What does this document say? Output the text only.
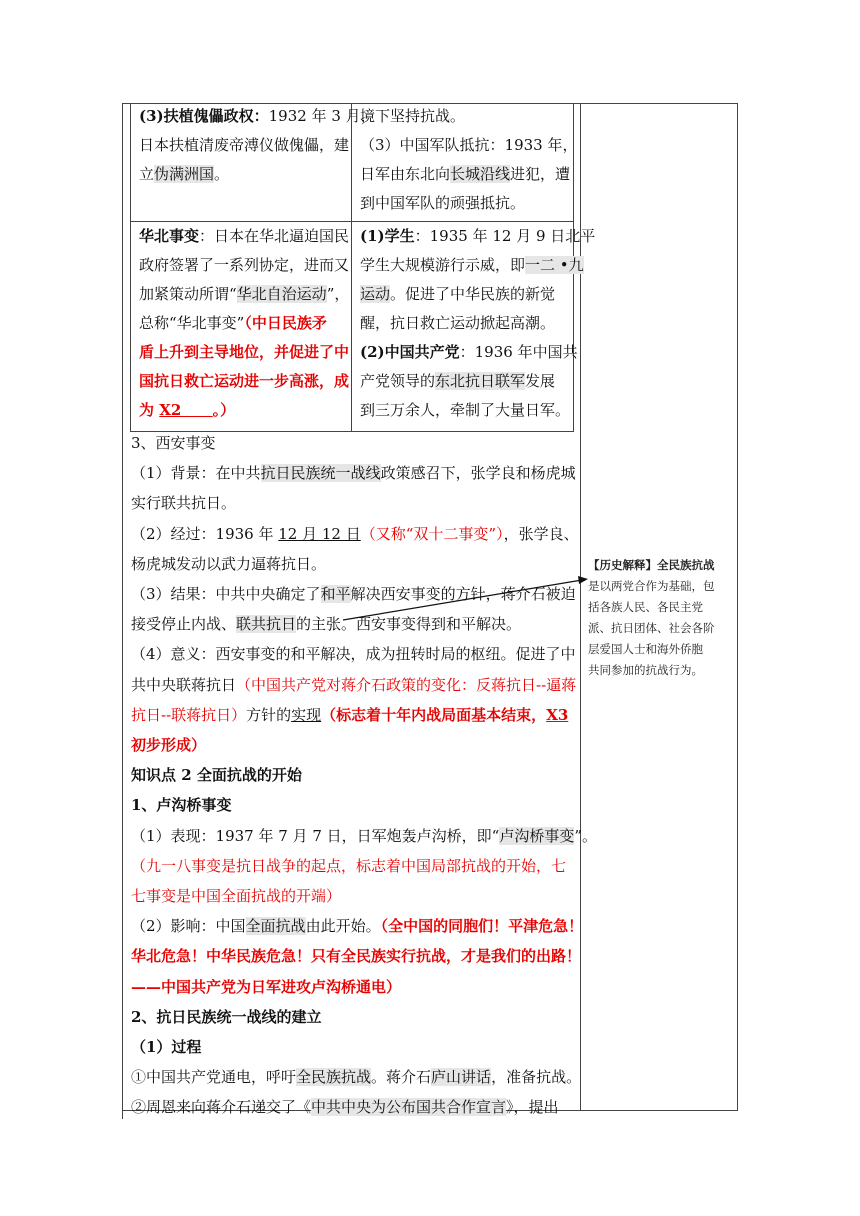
(3)扶植傀儡政权：1932 年 3 月，
日本扶植清废帝溥仪做傀儡，建
立伪满洲国。
境下坚持抗战。
（3）中国军队抵抗：1933 年，
日军由东北向长城沿线进犯，遭
到中国军队的顽强抵抗。
华北事变：日本在华北逼迫国民
政府签署了一系列协定，进而又
加紧策动所谓“华北自治运动”，
总称“华北事变”（中日民族矛
盾上升到主导地位，并促进了中
国抗日救亡运动进一步高涨，成
为 X2      。）
(1)学生：1935 年 12 月 9 日北平
学生大规模游行示威，即一二 •九
运动。促进了中华民族的新觉
醒，抗日救亡运动掀起高潮。
(2)中国共产党：1936 年中国共
产党领导的东北抗日联军发展
到三万余人，牵制了大量日军。
3、西安事变
（1）背景：在中共抗日民族统一战线政策感召下，张学良和杨虎城
实行联共抗日。
（2）经过：1936 年 12 月 12 日（又称“双十二事变”），张学良、
杨虎城发动以武力逼蒋抗日。
（3）结果：中共中央确定了和平解决西安事变的方针，蒋介石被迫
接受停止内战、联共抗日的主张。西安事变得到和平解决。
（4）意义：西安事变的和平解决，成为扭转时局的枢纽。促进了中
共中央联蒋抗日（中国共产党对蒋介石政策的变化：反蒋抗日--逼蒋
抗日--联蒋抗日）方针的实现（标志着十年内战局面基本结束，X3
初步形成）
知识点 2 全面抗战的开始
1、卢沟桥事变
（1）表现：1937 年 7 月 7 日，日军炮轰卢沟桥，即“卢沟桥事变”。
（九一八事变是抗日战争的起点，标志着中国局部抗战的开始，七
七事变是中国全面抗战的开端）
（2）影响：中国全面抗战由此开始。（全中国的同胞们！平津危急！
华北危急！中华民族危急！只有全民族实行抗战，才是我们的出路！
——中国共产党为日军进攻卢沟桥通电）
2、抗日民族统一战线的建立
（1）过程
①中国共产党通电，呼吁全民族抗战。蒋介石庐山讲话，准备抗战。
②周恩来向蒋介石递交了《中共中央为公布国共合作宣言》，提出
【历史解释】全民族抗战
是以两党合作为基础，包
括各族人民、各民主党
派、抗日团体、社会各阶
层爱国人士和海外侨胞
共同参加的抗战行为。
